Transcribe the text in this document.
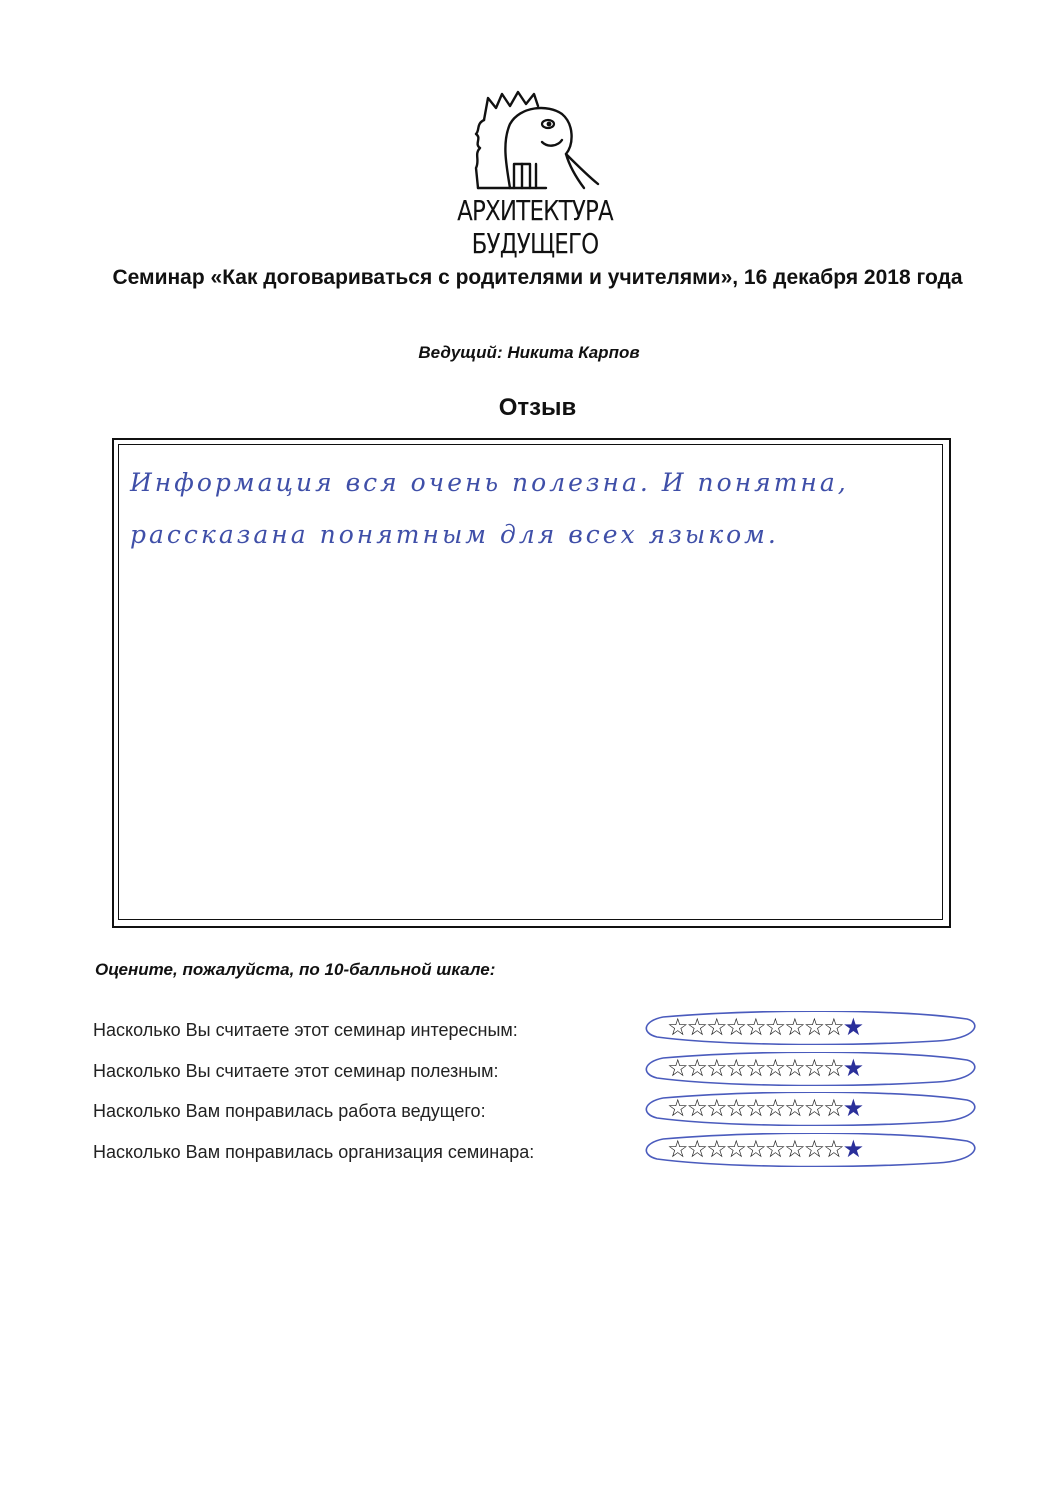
АРХИТЕКТУРА БУДУЩЕГО
Семинар «Как договариваться с родителями и учителями», 16 декабря 2018 года
Ведущий: Никита Карпов
Отзыв
Информация вся очень полезна. И понятна,
рассказана понятным для всех языком.
Оцените, пожалуйста, по 10-балльной шкале:
Насколько Вы считаете этот семинар интересным:
Насколько Вы считаете этот семинар полезным:
Насколько Вам понравилась работа ведущего:
Насколько Вам понравилась организация семинара:
☆☆☆☆☆☆☆☆☆★
☆☆☆☆☆☆☆☆☆★
☆☆☆☆☆☆☆☆☆★
☆☆☆☆☆☆☆☆☆★
